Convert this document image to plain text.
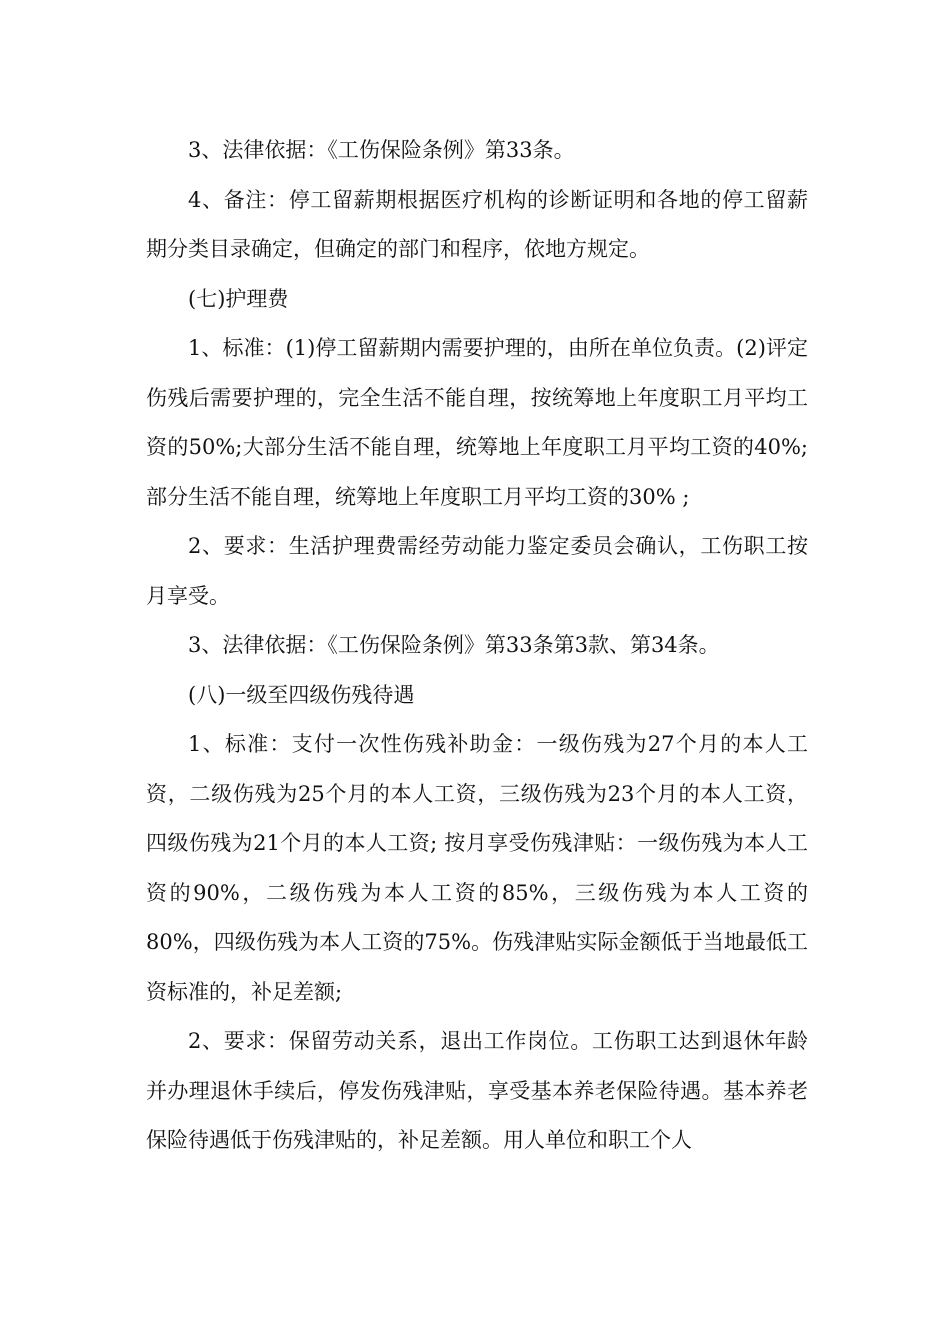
3、法律依据：《工伤保险条例》第33条。

4、备注：停工留薪期根据医疗机构的诊断证明和各地的停工留薪期分类目录确定，但确定的部门和程序，依地方规定。

(七)护理费

1、标准：(1)停工留薪期内需要护理的，由所在单位负责。(2)评定伤残后需要护理的，完全生活不能自理，按统筹地上年度职工月平均工资的50%;大部分生活不能自理，统筹地上年度职工月平均工资的40%;部分生活不能自理，统筹地上年度职工月平均工资的30% ;

2、要求：生活护理费需经劳动能力鉴定委员会确认，工伤职工按月享受。

3、法律依据：《工伤保险条例》第33条第3款、第34条。

(八)一级至四级伤残待遇

1、标准：支付一次性伤残补助金：一级伤残为27个月的本人工资，二级伤残为25个月的本人工资，三级伤残为23个月的本人工资，四级伤残为21个月的本人工资; 按月享受伤残津贴：一级伤残为本人工资的90%，二级伤残为本人工资的85%，三级伤残为本人工资的80%，四级伤残为本人工资的75%。伤残津贴实际金额低于当地最低工资标准的，补足差额;

2、要求：保留劳动关系，退出工作岗位。工伤职工达到退休年龄并办理退休手续后，停发伤残津贴，享受基本养老保险待遇。基本养老保险待遇低于伤残津贴的，补足差额。用人单位和职工个人
